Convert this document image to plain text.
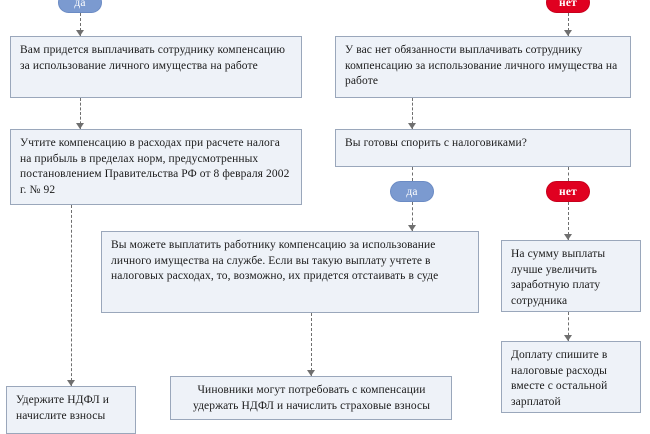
Вам придется выплачивать сотруднику компенсацию за использование личного имущества на работе
У вас нет обязанности выплачивать сотруднику компенсацию за использование личного имущества на работе
Учтите компенсацию в расходах при расчете налога на прибыль в пределах норм, предусмотренных постановлением Правительства РФ от 8 февраля 2002 г. № 92
Вы готовы спорить с налоговиками?
Вы можете выплатить работнику компенсацию за использование личного имущества на службе. Если вы такую выплату учтете в налоговых расходах, то, возможно, их придется отстаивать в суде
На сумму выплаты лучше увеличить заработную плату сотрудника
Доплату спишите в налоговые расходы вместе с остальной зарплатой
Чиновники могут потребовать с компенсации удержать НДФЛ и начислить страховые взносы
Удержите НДФЛ и начислите взносы
да	нет
да	нет
